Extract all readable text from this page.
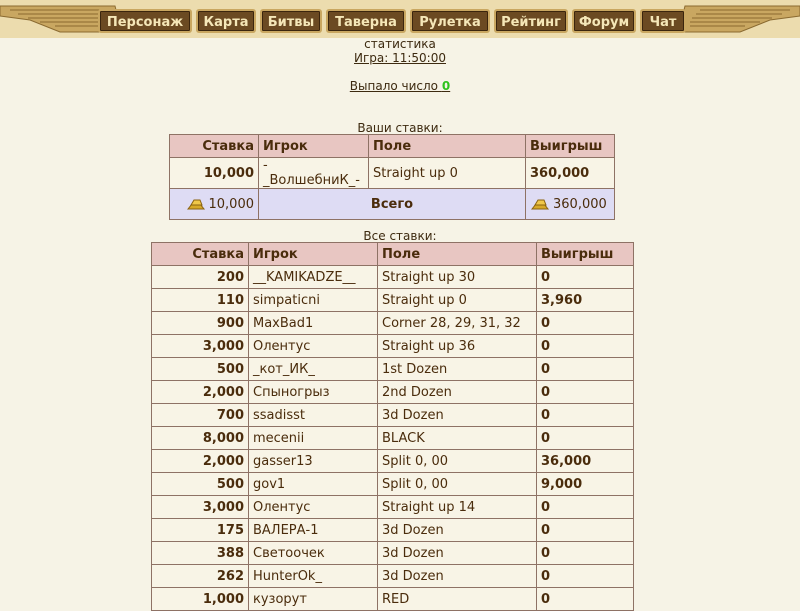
Персонаж	Карта	Битвы	Таверна	Рулетка	Рейтинг	Форум	Чат
статистика
Игра: 11:50:00
Выпало число 0
Ваши ставки:
Ставка	Игрок	Поле	Выигрыш
10,000	-_ВолшебниК_-	Straight up 0	360,000
10,000	Всего		360,000
Все ставки:
Ставка	Игрок	Поле	Выигрыш
200	__KAMIKADZE__	Straight up 30	0
110	simpaticni	Straight up 0	3,960
900	MaxBad1	Corner 28, 29, 31, 32	0
3,000	Олентус	Straight up 36	0
500	_кот_ИК_	1st Dozen	0
2,000	Спыногрыз	2nd Dozen	0
700	ssadisst	3d Dozen	0
8,000	mecenii	BLACK	0
2,000	gasser13	Split 0, 00	36,000
500	gov1	Split 0, 00	9,000
3,000	Олентус	Straight up 14	0
175	ВАЛЕРА-1	3d Dozen	0
388	Светоочек	3d Dozen	0
262	HunterOk_	3d Dozen	0
1,000	кузорут	RED	0
